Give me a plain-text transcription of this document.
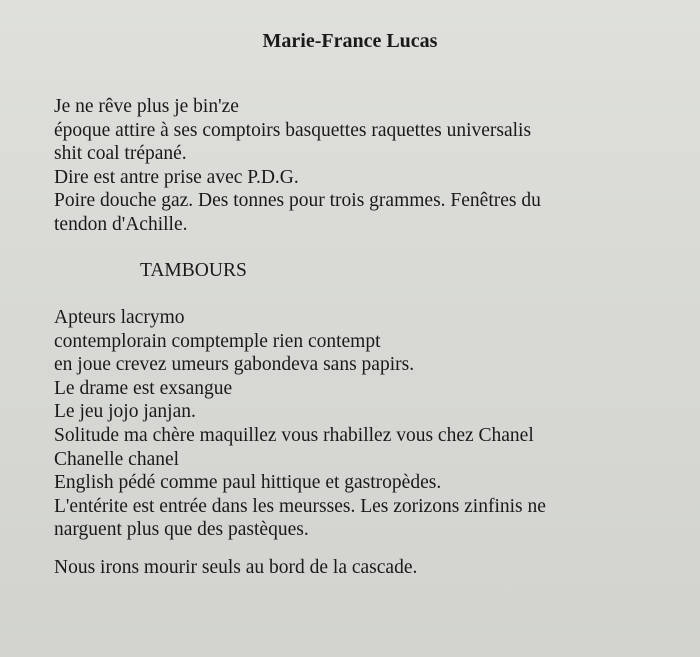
Marie-France Lucas
Je ne rêve plus je bin'ze
époque attire à ses comptoirs basquettes raquettes universalis
shit coal trépané.
Dire est antre prise avec P.D.G.
Poire douche gaz. Des tonnes pour trois grammes. Fenêtres du
tendon d'Achille.
TAMBOURS
Apteurs lacrymo
contemplorain comptemple rien contempt
en joue crevez umeurs gabondeva sans papirs.
Le drame est exsangue
Le jeu jojo janjan.
Solitude ma chère maquillez vous rhabillez vous chez Chanel
Chanelle chanel
English pédé comme paul hittique et gastropèdes.
L'entérite est entrée dans les meursses. Les zorizons zinfinis ne
narguent plus que des pastèques.
Nous irons mourir seuls au bord de la cascade.
